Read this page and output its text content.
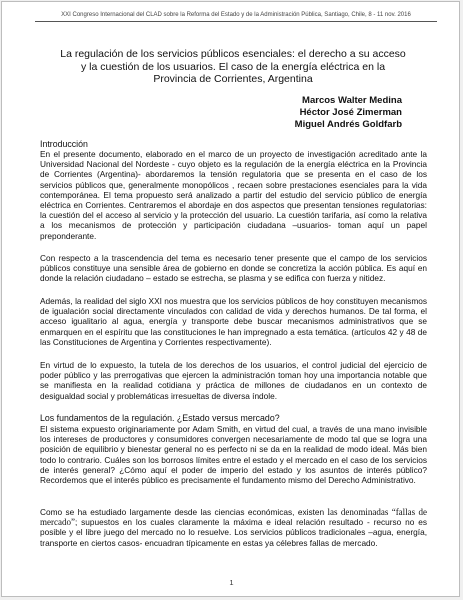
XXI Congreso Internacional del CLAD sobre la Reforma del Estado y de la Administración Pública, Santiago, Chile, 8 - 11 nov. 2016
La regulación de los servicios públicos esenciales: el derecho a su acceso y la cuestión de los usuarios. El caso de la energía eléctrica en la Provincia de Corrientes, Argentina
Marcos Walter Medina
Héctor José Zimerman
Miguel Andrés Goldfarb
Introducción

En el presente documento, elaborado en el marco de un proyecto de investigación acreditado ante la Universidad Nacional del Nordeste - cuyo objeto es la regulación de la energía eléctrica en la Provincia de Corrientes (Argentina)- abordaremos la tensión regulatoria que se presenta en el caso de los servicios públicos que, generalmente monopólicos , recaen sobre prestaciones esenciales para la vida contemporánea. El tema propuesto será analizado a partir del estudio del servicio público de energía eléctrica en Corrientes. Centraremos el abordaje en dos aspectos que presentan tensiones regulatorias: la cuestión del el acceso al servicio y la protección del usuario. La cuestión tarifaria, así como la relativa a los mecanismos de protección y participación ciudadana –usuarios- toman aquí un papel preponderante.

Con respecto a la trascendencia del tema es necesario tener presente que el campo de los servicios públicos constituye una sensible área de gobierno en donde se concretiza la acción pública. Es aquí en donde la relación ciudadano – estado se estrecha, se plasma y se edifica con fuerza y nitidez.

Además, la realidad del siglo XXI nos muestra que los servicios públicos de hoy constituyen mecanismos de igualación social directamente vinculados con calidad de vida y derechos humanos. De tal forma, el acceso igualitario al agua, energía y transporte debe buscar mecanismos administrativos que se enmarquen en el espíritu que las constituciones le han impregnado a esta temática. (artículos 42 y 48 de las Constituciones de Argentina y Corrientes respectivamente).

En virtud de lo expuesto, la tutela de los derechos de los usuarios, el control judicial del ejercicio de poder público y las prerrogativas que ejercen la administración toman hoy una importancia notable que se manifiesta en la realidad cotidiana y práctica de millones de ciudadanos en un contexto de desigualdad social y problemáticas irresueltas de diversa índole.

Los fundamentos de la regulación. ¿Estado versus mercado?

El sistema expuesto originariamente por Adam Smith, en virtud del cual, a través de una mano invisible los intereses de productores y consumidores convergen necesariamente de modo tal que se logra una posición de equilibrio y bienestar general no es perfecto ni se da en la realidad de modo ideal. Más bien todo lo contrario. Cuáles son los borrosos límites entre el estado y el mercado en el caso de los servicios de interés general? ¿Cómo aquí el poder de imperio del estado y los asuntos de interés público? Recordemos que el interés público es precisamente el fundamento mismo del Derecho Administrativo.

Como se ha estudiado largamente desde las ciencias económicas, existen las denominadas “fallas de mercado”; supuestos en los cuales claramente la máxima e ideal relación resultado - recurso no es posible y el libre juego del mercado no lo resuelve. Los servicios públicos tradicionales –agua, energía, transporte en ciertos casos- encuadran típicamente en estas ya célebres fallas de mercado.

1
